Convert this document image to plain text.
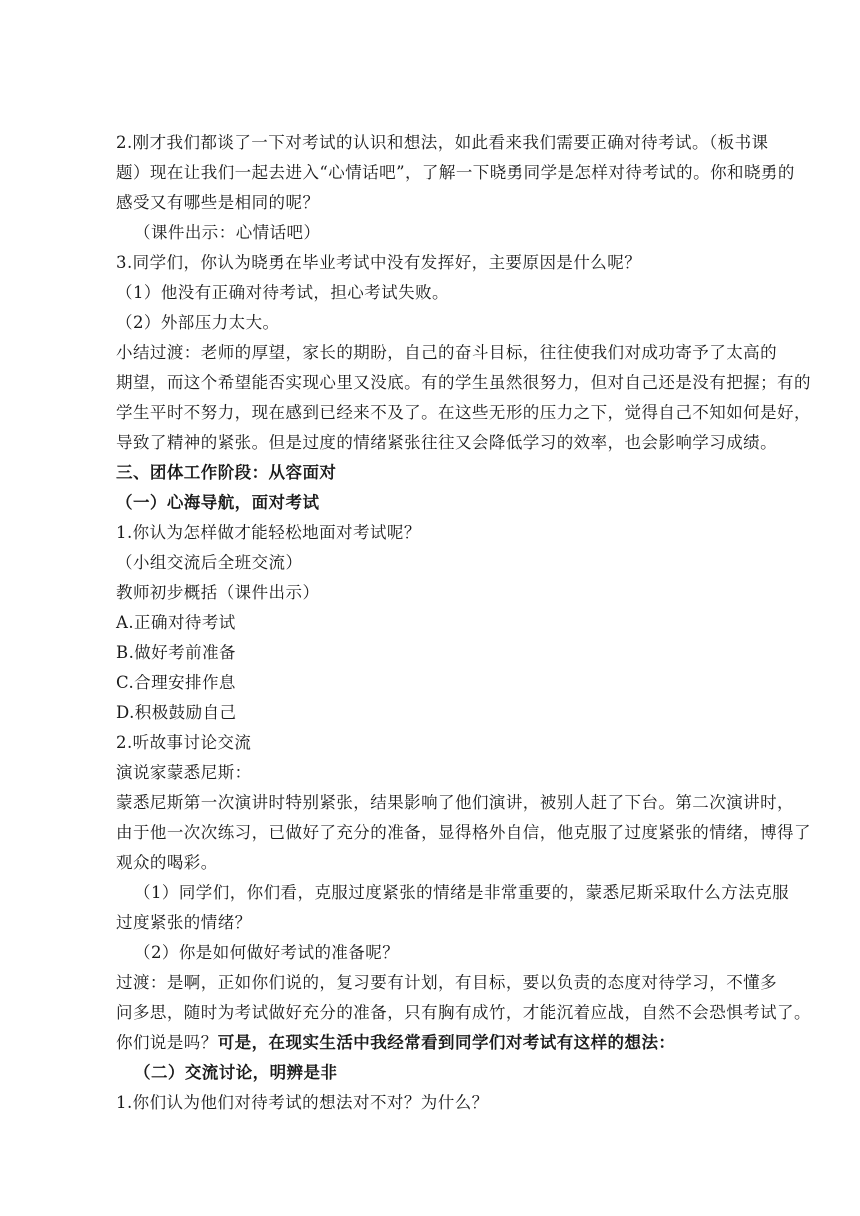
2.刚才我们都谈了一下对考试的认识和想法，如此看来我们需要正确对待考试。（板书课
题）现在让我们一起去进入“心情话吧”，了解一下晓勇同学是怎样对待考试的。你和晓勇的
感受又有哪些是相同的呢？
（课件出示：心情话吧）
3.同学们，你认为晓勇在毕业考试中没有发挥好，主要原因是什么呢？
（1）他没有正确对待考试，担心考试失败。
（2）外部压力太大。
小结过渡：老师的厚望，家长的期盼，自己的奋斗目标，往往使我们对成功寄予了太高的
期望，而这个希望能否实现心里又没底。有的学生虽然很努力，但对自己还是没有把握；有的
学生平时不努力，现在感到已经来不及了。在这些无形的压力之下，觉得自己不知如何是好，
导致了精神的紧张。但是过度的情绪紧张往往又会降低学习的效率，也会影响学习成绩。
三、团体工作阶段：从容面对
（一）心海导航，面对考试
1.你认为怎样做才能轻松地面对考试呢？
（小组交流后全班交流）
教师初步概括（课件出示）
A.正确对待考试
B.做好考前准备
C.合理安排作息
D.积极鼓励自己
2.听故事讨论交流
演说家蒙悉尼斯：
蒙悉尼斯第一次演讲时特别紧张，结果影响了他们演讲，被别人赶了下台。第二次演讲时，
由于他一次次练习，已做好了充分的准备，显得格外自信，他克服了过度紧张的情绪，博得了
观众的喝彩。
（1）同学们，你们看，克服过度紧张的情绪是非常重要的，蒙悉尼斯采取什么方法克服
过度紧张的情绪？
（2）你是如何做好考试的准备呢？
过渡：是啊，正如你们说的，复习要有计划，有目标，要以负责的态度对待学习，不懂多
问多思，随时为考试做好充分的准备，只有胸有成竹，才能沉着应战，自然不会恐惧考试了。
你们说是吗？可是，在现实生活中我经常看到同学们对考试有这样的想法：
（二）交流讨论，明辨是非
1.你们认为他们对待考试的想法对不对？为什么？
